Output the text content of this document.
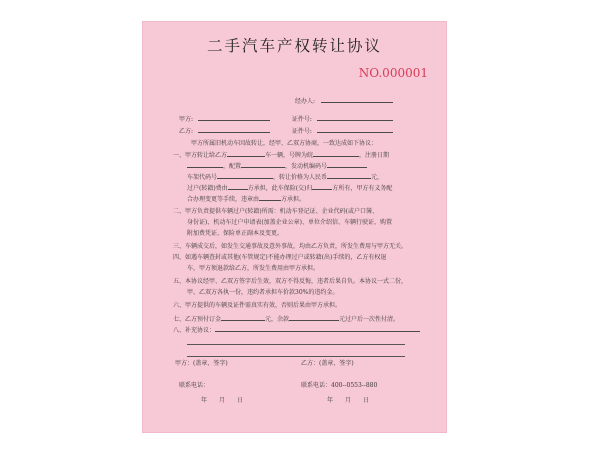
二手汽车产权转让协议
NO.000001
经办人:
甲方:	证件号:
乙方:	证件号:
甲方所属旧机动车因故转让，经甲、乙双方协商，一致达成如下协议：
一、甲方转让给乙方	车一辆，号牌为皖	，注册日期
，配置	，发动机编码号
车架代码号	，转让价格为人民币	元，
过户(转籍)费由	方承担，此车保险(交)归	方所有，甲方有义务配
合办理变更等手续，违章由	方承担。
二、甲方负责提供车辆过户(转籍)所需：机动车登记证、企业代码(或户口簿、
身份证)、机动车过户申请表(加盖企业公章)、单位介绍信、车辆行驶证、购置
附加费凭证、保险单正副本及变更。
三、车辆成交后，如发生交通事故及意外事故，均由乙方负责，所发生费用与甲方无关。
四、如遇车辆查封或其他(车管规定)不能办理过户或转籍(出)手续的，乙方有权退
车，甲方须退款给乙方，所发生费用由甲方承担。
五、本协议经甲、乙双方签字后生效，双方不得反悔，违者后果自负。本协议一式二份，
甲、乙双方各执一份，违约者承担车价款30%的违约金。
六、甲方提供的车辆及证件需真实有效，否则后果由甲方承担。
七、乙方预付订金	元，余款	元过户后一次性付清。
八、补充协议：
甲方：(盖章、签字)	乙方：(盖章、签字)
联系电话：	联系电话：400--0553--880
年　　月　　日	年　　月　　日
